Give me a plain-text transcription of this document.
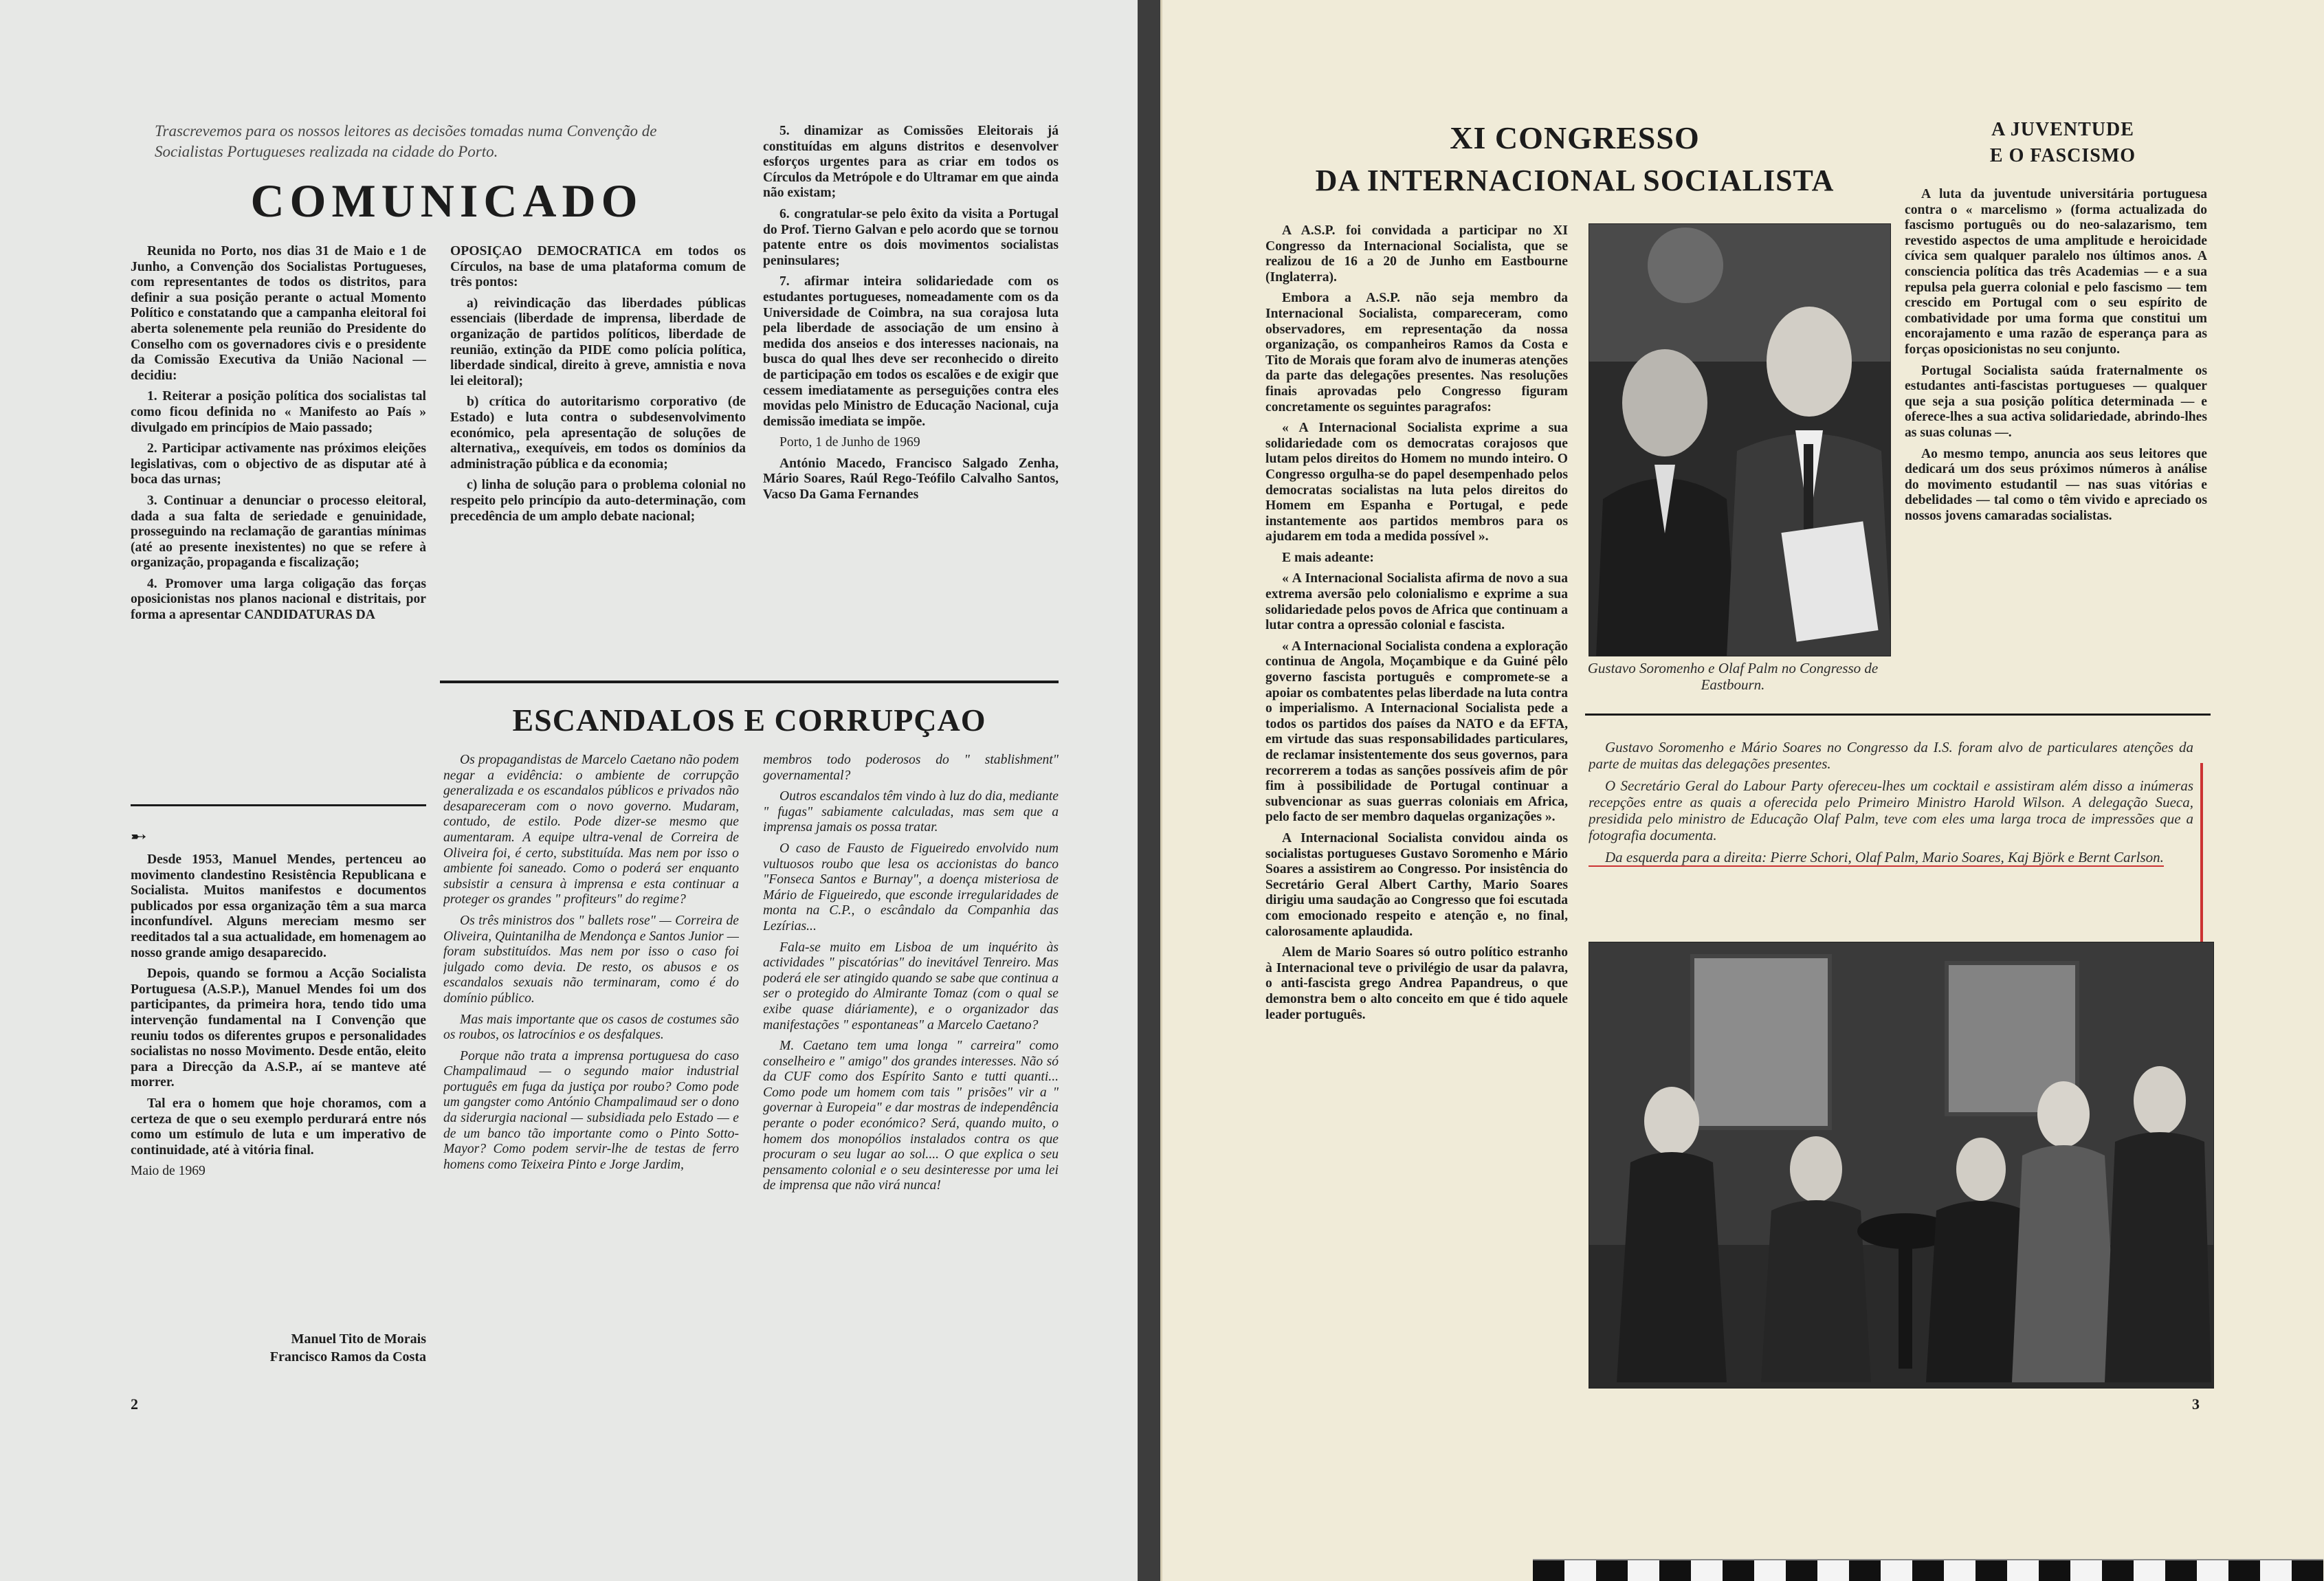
Trascrevemos para os nossos leitores as decisões tomadas numa Convenção de Socialistas Portugueses realizada na cidade do Porto.
COMUNICADO

Reunida no Porto, nos dias 31 de Maio e 1 de Junho, a Convenção dos Socialistas Portugueses, com representantes de todos os distritos, para definir a sua posição perante o actual Momento Político e constatando que a campanha eleitoral foi aberta solenemente pela reunião do Presidente do Conselho com os governadores civis e o presidente da Comissão Executiva da União Nacional — decidiu:

1. Reiterar a posição política dos socialistas tal como ficou definida no « Manifesto ao País » divulgado em princípios de Maio passado;

2. Participar activamente nas próximos eleições legislativas, com o objectivo de as disputar até à boca das urnas;

3. Continuar a denunciar o processo eleitoral, dada a sua falta de seriedade e genuinidade, prosseguindo na reclamação de garantias mínimas (até ao presente inexistentes) no que se refere à organização, propaganda e fiscalização;

4. Promover uma larga coligação das forças oposicionistas nos planos nacional e distritais, por forma a apresentar CANDIDATURAS DA

OPOSIÇAO DEMOCRATICA em todos os Círculos, na base de uma plataforma comum de três pontos:

a) reivindicação das liberdades públicas essenciais (liberdade de imprensa, liberdade de organização de partidos políticos, liberdade de reunião, extinção da PIDE como polícia política, liberdade sindical, direito à greve, amnistia e nova lei eleitoral);

b) crítica do autoritarismo corporativo (de Estado) e luta contra o subdesenvolvimento económico, pela apresentação de soluções de alternativa,, exequíveis, em todos os domínios da administração pública e da economia;

c) linha de solução para o problema colonial no respeito pelo princípio da auto-determinação, com precedência de um amplo debate nacional;

5. dinamizar as Comissões Eleitorais já constituídas em alguns distritos e desenvolver esforços urgentes para as criar em todos os Círculos da Metrópole e do Ultramar em que ainda não existam;

6. congratular-se pelo êxito da visita a Portugal do Prof. Tierno Galvan e pelo acordo que se tornou patente entre os dois movimentos socialistas peninsulares;

7. afirmar inteira solidariedade com os estudantes portugueses, nomeadamente com os da Universidade de Coimbra, na sua corajosa luta pela liberdade de associação de um ensino à medida dos anseios e dos interesses nacionais, na busca do qual lhes deve ser reconhecido o direito de participação em todos os escalões e de exigir que cessem imediatamente as perseguições contra eles movidas pelo Ministro de Educação Nacional, cuja demissão imediata se impõe.

Porto, 1 de Junho de 1969

António Macedo, Francisco Salgado Zenha, Mário Soares, Raúl Rego-Teófilo Calvalho Santos, Vacso Da Gama Fernandes

➸

Desde 1953, Manuel Mendes, pertenceu ao movimento clandestino Resistência Republicana e Socialista. Muitos manifestos e documentos publicados por essa organização têm a sua marca inconfundível. Alguns mereciam mesmo ser reeditados tal a sua actualidade, em homenagem ao nosso grande amigo desaparecido.

Depois, quando se formou a Acção Socialista Portuguesa (A.S.P.), Manuel Mendes foi um dos participantes, da primeira hora, tendo tido uma intervenção fundamental na I Convenção que reuniu todos os diferentes grupos e personalidades socialistas no nosso Movimento. Desde então, eleito para a Direcção da A.S.P., aí se manteve até morrer.

Tal era o homem que hoje choramos, com a certeza de que o seu exemplo perdurará entre nós como um estímulo de luta e um imperativo de continuidade, até à vitória final.

Maio de 1969

Manuel Tito de Morais
Francisco Ramos da Costa
ESCANDALOS E CORRUPÇAO

Os propagandistas de Marcelo Caetano não podem negar a evidência: o ambiente de corrupção generalizada e os escandalos públicos e privados não desapareceram com o novo governo. Mudaram, contudo, de estilo. Pode dizer-se mesmo que aumentaram. A equipe ultra-venal de Correira de Oliveira foi, é certo, substituída. Mas nem por isso o ambiente foi saneado. Como o poderá ser enquanto subsistir a censura à imprensa e esta continuar a proteger os grandes " profiteurs" do regime?

Os três ministros dos " ballets rose" — Correira de Oliveira, Quintanilha de Mendonça e Santos Junior — foram substituídos. Mas nem por isso o caso foi julgado como devia. De resto, os abusos e os escandalos sexuais não terminaram, como é do domínio público.

Mas mais importante que os casos de costumes são os roubos, os latrocínios e os desfalques.

Porque não trata a imprensa portuguesa do caso Champalimaud — o segundo maior industrial português em fuga da justiça por roubo? Como pode um gangster como António Champalimaud ser o dono da siderurgia nacional — subsidiada pelo Estado — e de um banco tão importante como o Pinto Sotto-Mayor? Como podem servir-lhe de testas de ferro homens como Teixeira Pinto e Jorge Jardim,

membros todo poderosos do " stablishment" governamental?

Outros escandalos têm vindo à luz do dia, mediante " fugas" sabiamente calculadas, mas sem que a imprensa jamais os possa tratar.

O caso de Fausto de Figueiredo envolvido num vultuosos roubo que lesa os accionistas do banco "Fonseca Santos e Burnay", a doença misteriosa de Mário de Figueiredo, que esconde irregularidades de monta na C.P., o escândalo da Companhia das Lezírias...

Fala-se muito em Lisboa de um inquérito às actividades " piscatórias" do inevitável Tenreiro. Mas poderá ele ser atingido quando se sabe que continua a ser o protegido do Almirante Tomaz (com o qual se exibe quase diáriamente), e o organizador das manifestações " espontaneas" a Marcelo Caetano?

M. Caetano tem uma longa " carreira" como conselheiro e " amigo" dos grandes interesses. Não só da CUF como dos Espírito Santo e tutti quanti... Como pode um homem com tais " prisões" vir a " governar à Europeia" e dar mostras de independência perante o poder económico? Será, quando muito, o homem dos monopólios instalados contra os que procuram o seu lugar ao sol.... O que explica o seu pensamento colonial e o seu desinteresse por uma lei de imprensa que não virá nunca!

2
XI CONGRESSO
DA INTERNACIONAL SOCIALISTA

A A.S.P. foi convidada a participar no XI Congresso da Internacional Socialista, que se realizou de 16 a 20 de Junho em Eastbourne (Inglaterra).

Embora a A.S.P. não seja membro da Internacional Socialista, compareceram, como observadores, em representação da nossa organização, os companheiros Ramos da Costa e Tito de Morais que foram alvo de inumeras atenções da parte das delegações presentes. Nas resoluções finais aprovadas pelo Congresso figuram concretamente os seguintes paragrafos:

« A Internacional Socialista exprime a sua solidariedade com os democratas corajosos que lutam pelos direitos do Homem no mundo inteiro. O Congresso orgulha-se do papel desempenhado pelos democratas socialistas na luta pelos direitos do Homem em Espanha e Portugal, e pede instantemente aos partidos membros para os ajudarem em toda a medida possível ».

E mais adeante:

« A Internacional Socialista afirma de novo a sua extrema aversão pelo colonialismo e exprime a sua solidariedade pelos povos de Africa que continuam a lutar contra a opressão colonial e fascista.

« A Internacional Socialista condena a exploração continua de Angola, Moçambique e da Guiné pêlo governo fascista português e compromete-se a apoiar os combatentes pelas liberdade na luta contra o imperialismo. A Internacional Socialista pede a todos os partidos dos países da NATO e da EFTA, em virtude das suas responsabilidades particulares, de reclamar insistentemente dos seus governos, para recorrerem a todas as sanções possíveis afim de pôr fim à possibilidade de Portugal continuar a subvencionar as suas guerras coloniais em Africa, pelo facto de ser membro daquelas organizações ».

A Internacional Socialista convidou ainda os socialistas portugueses Gustavo Soromenho e Mário Soares a assistirem ao Congresso. Por insistência do Secretário Geral Albert Carthy, Mario Soares dirigiu uma saudação ao Congresso que foi escutada com emocionado respeito e atenção e, no final, calorosamente aplaudida.

Alem de Mario Soares só outro político estranho à Internacional teve o privilégio de usar da palavra, o anti-fascista grego Andrea Papandreus, o que demonstra bem o alto conceito em que é tido aquele leader português.

Gustavo Soromenho e Olaf Palm no Congresso de Eastbourn.
A JUVENTUDE
E O FASCISMO

A luta da juventude universitária portuguesa contra o « marcelismo » (forma actualizada do fascismo português ou do neo-salazarismo, tem revestido aspectos de uma amplitude e heroicidade cívica sem qualquer paralelo nos últimos anos. A consciencia política das três Academias — e a sua repulsa pela guerra colonial e pelo fascismo — tem crescido em Portugal com o seu espírito de combatividade por uma forma que constitui um encorajamento e uma razão de esperança para as forças oposicionistas no seu conjunto.

Portugal Socialista saúda fraternalmente os estudantes anti-fascistas portugueses — qualquer que seja a sua posição política determinada — e oferece-lhes a sua activa solidariedade, abrindo-lhes as suas colunas —.

Ao mesmo tempo, anuncia aos seus leitores que dedicará um dos seus próximos números à análise do movimento estudantil — nas suas vitórias e debelidades — tal como o têm vivido e apreciado os nossos jovens camaradas socialistas.

Gustavo Soromenho e Mário Soares no Congresso da I.S. foram alvo de particulares atenções da parte de muitas das delegações presentes.

O Secretário Geral do Labour Party ofereceu-lhes um cocktail e assistiram além disso a inúmeras recepções entre as quais a oferecida pelo Primeiro Ministro Harold Wilson. A delegação Sueca, presidida pelo ministro de Educação Olaf Palm, teve com eles uma larga troca de impressões que a fotografia documenta.

Da esquerda para a direita: Pierre Schori, Olaf Palm, Mario Soares, Kaj Björk e Bernt Carlson.

3
